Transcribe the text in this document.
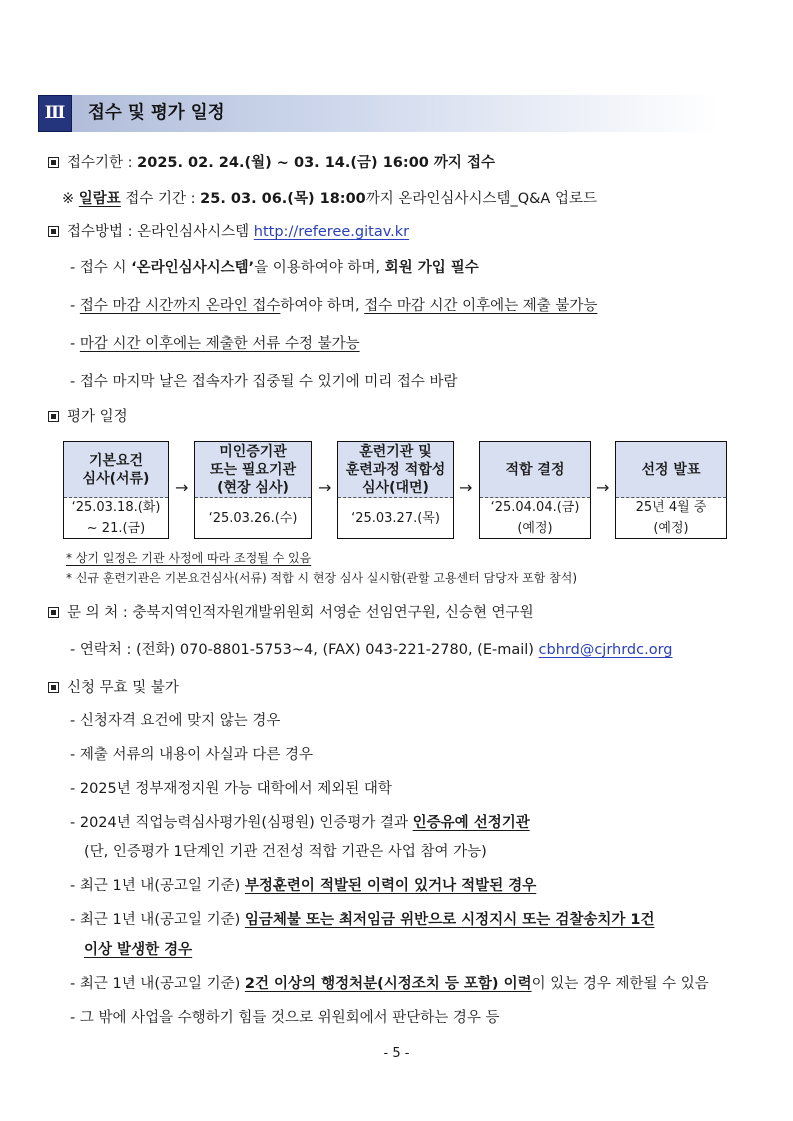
Ⅲ	접수 및 평가 일정
접수기한 : 2025. 02. 24.(월) ~ 03. 14.(금) 16:00 까지 접수
※ 일람표 접수 기간 : 25. 03. 06.(목) 18:00까지 온라인심사시스템_Q&A 업로드
접수방법 : 온라인심사시스템 http://referee.gitav.kr
- 접수 시 ‘온라인심사시스템’을 이용하여야 하며, 회원 가입 필수
- 접수 마감 시간까지 온라인 접수하여야 하며, 접수 마감 시간 이후에는 제출 불가능
- 마감 시간 이후에는 제출한 서류 수정 불가능
- 접수 마지막 날은 접속자가 집중될 수 있기에 미리 접수 바람
평가 일정
기본요건
심사(서류)
‘25.03.18.(화)
~ 21.(금)
→
미인증기관
또는 필요기관
(현장 심사)
‘25.03.26.(수)
→
훈련기관 및
훈련과정 적합성
심사(대면)
‘25.03.27.(목)
→
적합 결정
‘25.04.04.(금)
(예정)
→
선정 발표
25년 4월 중
(예정)
* 상기 일정은 기관 사정에 따라 조정될 수 있음
* 신규 훈련기관은 기본요건심사(서류) 적합 시 현장 심사 실시함(관할 고용센터 담당자 포함 참석)
문 의 처 : 충북지역인적자원개발위원회 서영순 선임연구원, 신승현 연구원
- 연락처 : (전화) 070-8801-5753~4, (FAX) 043-221-2780, (E-mail) cbhrd@cjrhrdc.org
신청 무효 및 불가
- 신청자격 요건에 맞지 않는 경우
- 제출 서류의 내용이 사실과 다른 경우
- 2025년 정부재정지원 가능 대학에서 제외된 대학
- 2024년 직업능력심사평가원(심평원) 인증평가 결과 인증유예 선정기관
(단, 인증평가 1단계인 기관 건전성 적합 기관은 사업 참여 가능)
- 최근 1년 내(공고일 기준) 부정훈련이 적발된 이력이 있거나 적발된 경우
- 최근 1년 내(공고일 기준) 임금체불 또는 최저임금 위반으로 시정지시 또는 검찰송치가 1건
이상 발생한 경우
- 최근 1년 내(공고일 기준) 2건 이상의 행정처분(시정조치 등 포함) 이력이 있는 경우 제한될 수 있음
- 그 밖에 사업을 수행하기 힘들 것으로 위원회에서 판단하는 경우 등
- 5 -
